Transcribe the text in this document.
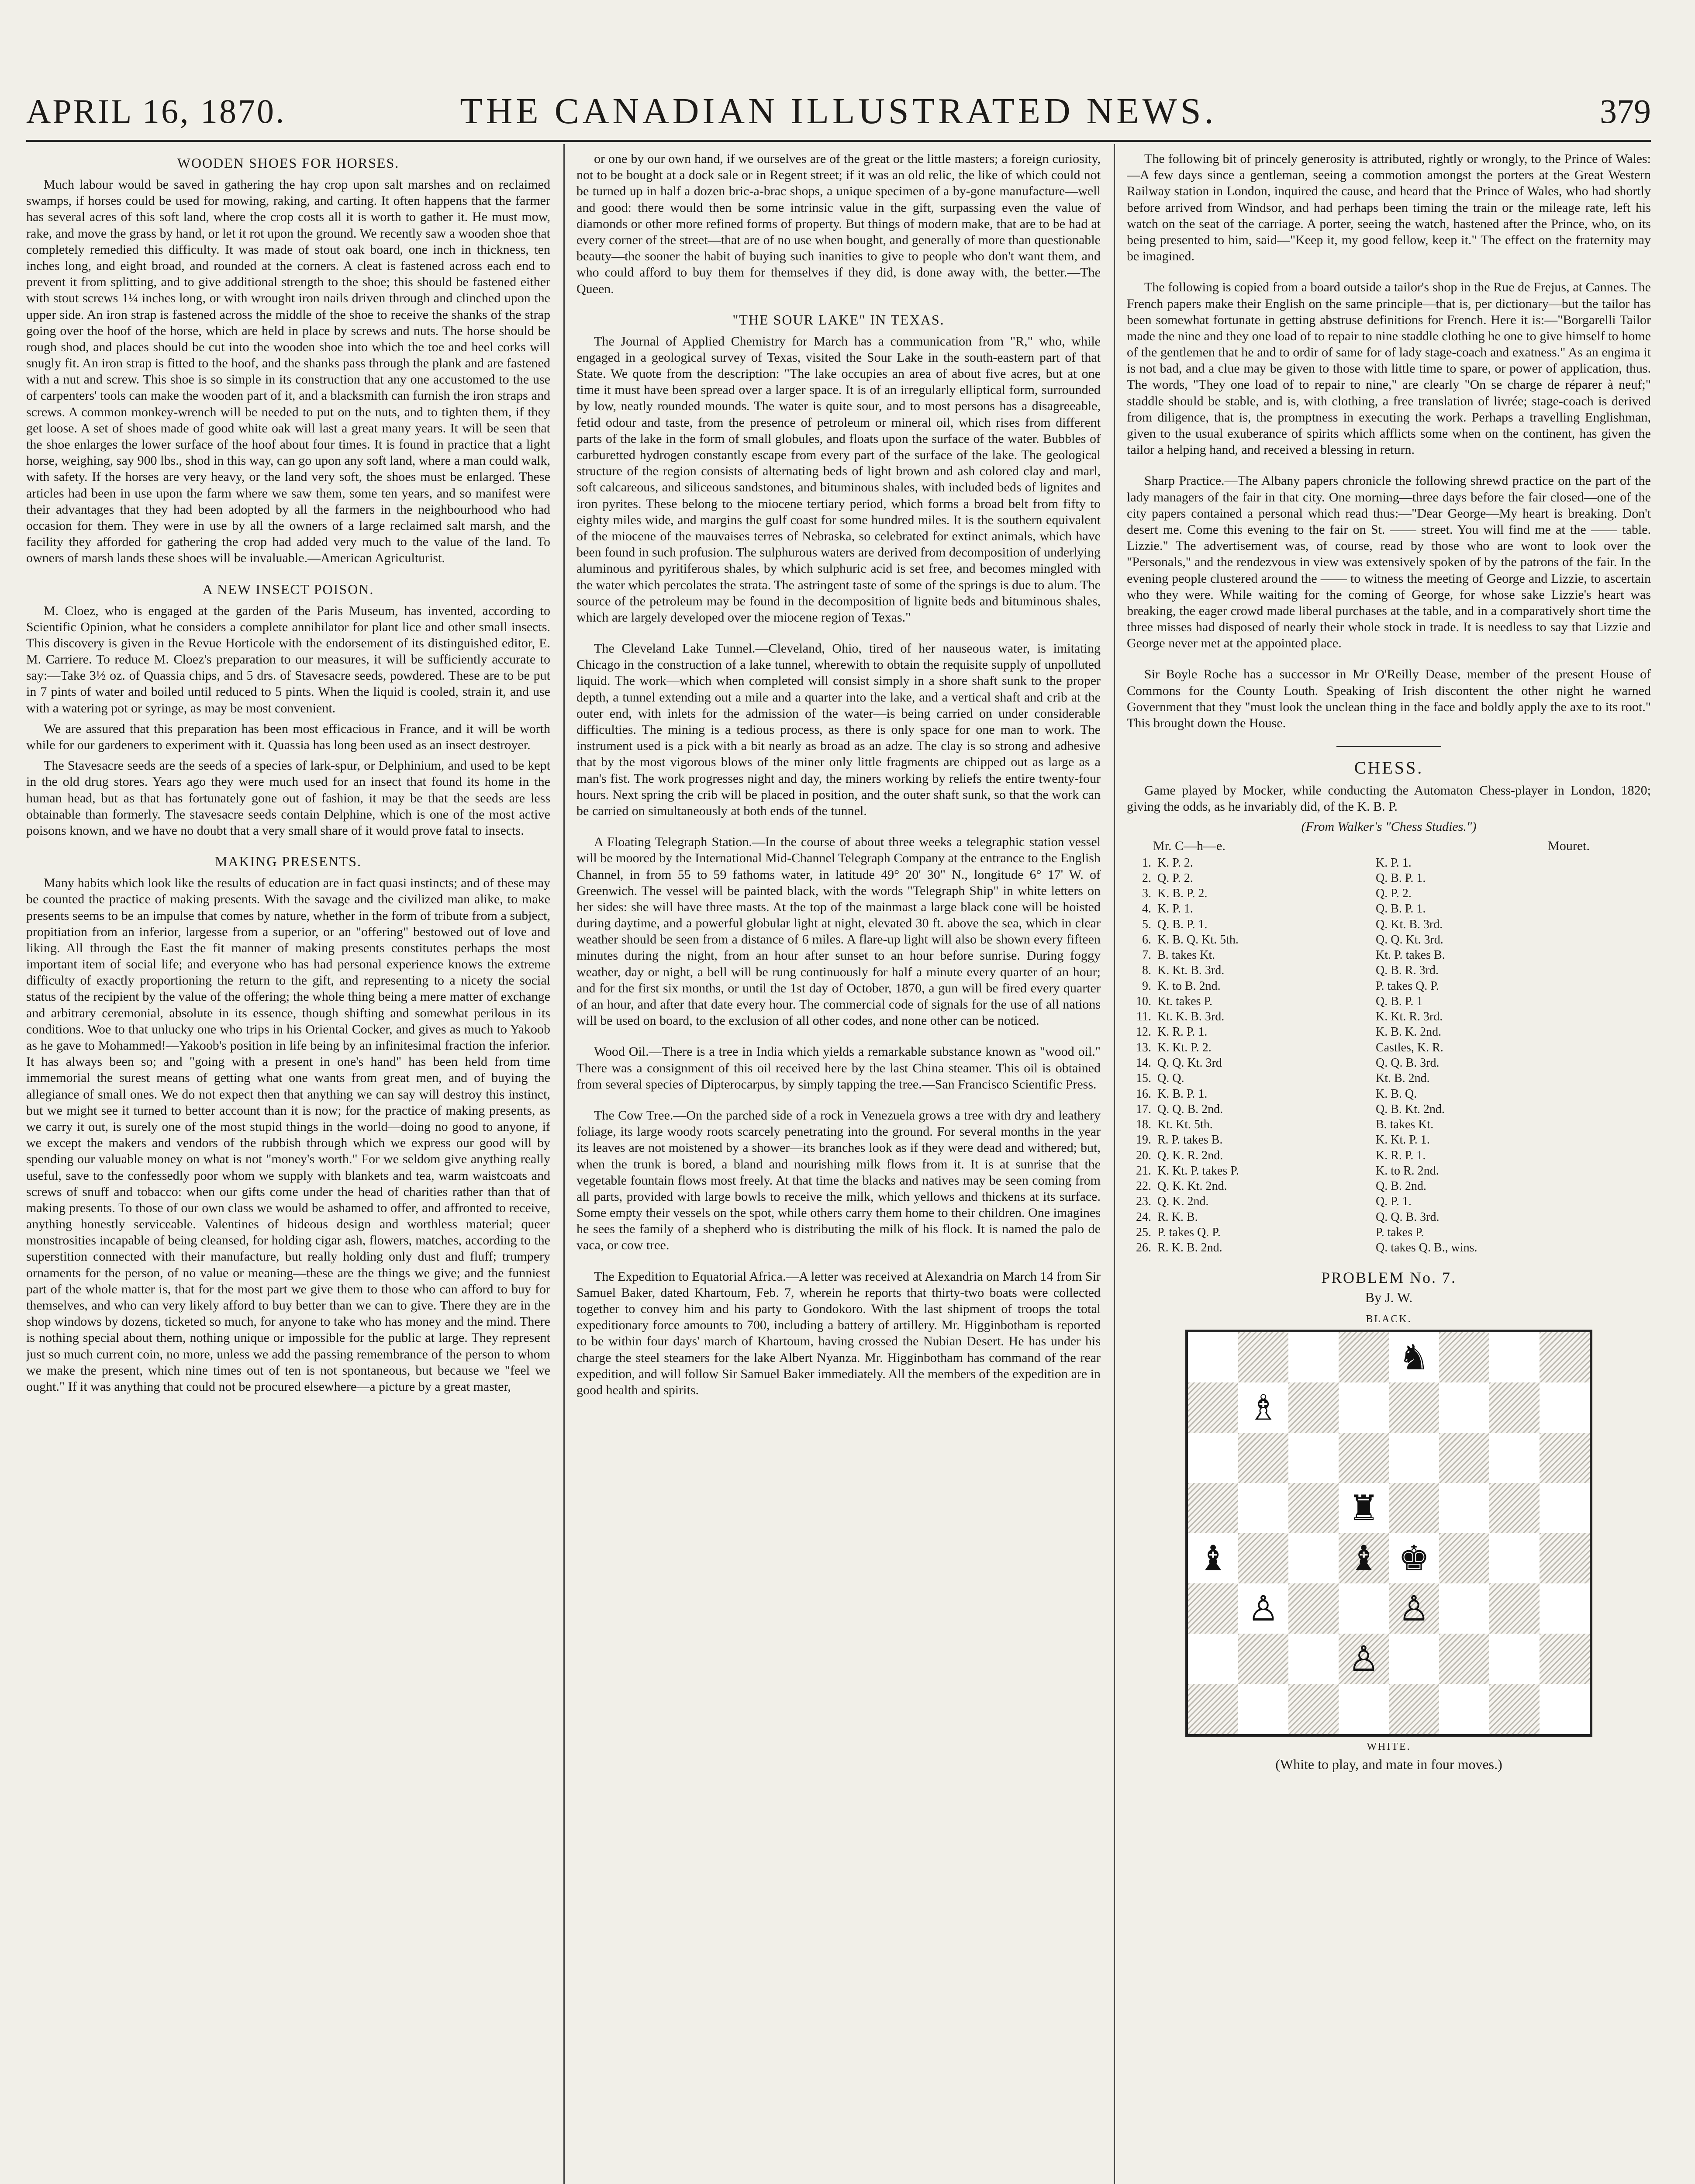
APRIL 16, 1870.	THE CANADIAN ILLUSTRATED NEWS.	379
WOODEN SHOES FOR HORSES.
Much labour would be saved in gathering the hay crop upon salt marshes and on reclaimed swamps, if horses could be used for mowing, raking, and carting. It often happens that the farmer has several acres of this soft land, where the crop costs all it is worth to gather it. He must mow, rake, and move the grass by hand, or let it rot upon the ground. We recently saw a wooden shoe that completely remedied this difficulty. It was made of stout oak board, one inch in thickness, ten inches long, and eight broad, and rounded at the corners. A cleat is fastened across each end to prevent it from splitting, and to give additional strength to the shoe; this should be fastened either with stout screws 1¼ inches long, or with wrought iron nails driven through and clinched upon the upper side. An iron strap is fastened across the middle of the shoe to receive the shanks of the strap going over the hoof of the horse, which are held in place by screws and nuts. The horse should be rough shod, and places should be cut into the wooden shoe into which the toe and heel corks will snugly fit. An iron strap is fitted to the hoof, and the shanks pass through the plank and are fastened with a nut and screw. This shoe is so simple in its construction that any one accustomed to the use of carpenters' tools can make the wooden part of it, and a blacksmith can furnish the iron straps and screws. A common monkey-wrench will be needed to put on the nuts, and to tighten them, if they get loose. A set of shoes made of good white oak will last a great many years. It will be seen that the shoe enlarges the lower surface of the hoof about four times. It is found in practice that a light horse, weighing, say 900 lbs., shod in this way, can go upon any soft land, where a man could walk, with safety. If the horses are very heavy, or the land very soft, the shoes must be enlarged. These articles had been in use upon the farm where we saw them, some ten years, and so manifest were their advantages that they had been adopted by all the farmers in the neighbourhood who had occasion for them. They were in use by all the owners of a large reclaimed salt marsh, and the facility they afforded for gathering the crop had added very much to the value of the land. To owners of marsh lands these shoes will be invaluable.—American Agriculturist.
A NEW INSECT POISON.
M. Cloez, who is engaged at the garden of the Paris Museum, has invented, according to Scientific Opinion, what he considers a complete annihilator for plant lice and other small insects. This discovery is given in the Revue Horticole with the endorsement of its distinguished editor, E. M. Carriere. To reduce M. Cloez's preparation to our measures, it will be sufficiently accurate to say:—Take 3½ oz. of Quassia chips, and 5 drs. of Stavesacre seeds, powdered. These are to be put in 7 pints of water and boiled until reduced to 5 pints. When the liquid is cooled, strain it, and use with a watering pot or syringe, as may be most convenient.
We are assured that this preparation has been most efficacious in France, and it will be worth while for our gardeners to experiment with it. Quassia has long been used as an insect destroyer.
The Stavesacre seeds are the seeds of a species of lark-spur, or Delphinium, and used to be kept in the old drug stores. Years ago they were much used for an insect that found its home in the human head, but as that has fortunately gone out of fashion, it may be that the seeds are less obtainable than formerly. The stavesacre seeds contain Delphine, which is one of the most active poisons known, and we have no doubt that a very small share of it would prove fatal to insects.
MAKING PRESENTS.
Many habits which look like the results of education are in fact quasi instincts; and of these may be counted the practice of making presents. With the savage and the civilized man alike, to make presents seems to be an impulse that comes by nature, whether in the form of tribute from a subject, propitiation from an inferior, largesse from a superior, or an "offering" bestowed out of love and liking. All through the East the fit manner of making presents constitutes perhaps the most important item of social life; and everyone who has had personal experience knows the extreme difficulty of exactly proportioning the return to the gift, and representing to a nicety the social status of the recipient by the value of the offering; the whole thing being a mere matter of exchange and arbitrary ceremonial, absolute in its essence, though shifting and somewhat perilous in its conditions. Woe to that unlucky one who trips in his Oriental Cocker, and gives as much to Yakoob as he gave to Mohammed!—Yakoob's position in life being by an infinitesimal fraction the inferior. It has always been so; and "going with a present in one's hand" has been held from time immemorial the surest means of getting what one wants from great men, and of buying the allegiance of small ones. We do not expect then that anything we can say will destroy this instinct, but we might see it turned to better account than it is now; for the practice of making presents, as we carry it out, is surely one of the most stupid things in the world—doing no good to anyone, if we except the makers and vendors of the rubbish through which we express our good will by spending our valuable money on what is not "money's worth." For we seldom give anything really useful, save to the confessedly poor whom we supply with blankets and tea, warm waistcoats and screws of snuff and tobacco: when our gifts come under the head of charities rather than that of making presents. To those of our own class we would be ashamed to offer, and affronted to receive, anything honestly serviceable. Valentines of hideous design and worthless material; queer monstrosities incapable of being cleansed, for holding cigar ash, flowers, matches, according to the superstition connected with their manufacture, but really holding only dust and fluff; trumpery ornaments for the person, of no value or meaning—these are the things we give; and the funniest part of the whole matter is, that for the most part we give them to those who can afford to buy for themselves, and who can very likely afford to buy better than we can to give. There they are in the shop windows by dozens, ticketed so much, for anyone to take who has money and the mind. There is nothing special about them, nothing unique or impossible for the public at large. They represent just so much current coin, no more, unless we add the passing remembrance of the person to whom we make the present, which nine times out of ten is not spontaneous, but because we "feel we ought." If it was anything that could not be procured elsewhere—a picture by a great master,
or one by our own hand, if we ourselves are of the great or the little masters; a foreign curiosity, not to be bought at a dock sale or in Regent street; if it was an old relic, the like of which could not be turned up in half a dozen bric-a-brac shops, a unique specimen of a by-gone manufacture—well and good: there would then be some intrinsic value in the gift, surpassing even the value of diamonds or other more refined forms of property. But things of modern make, that are to be had at every corner of the street—that are of no use when bought, and generally of more than questionable beauty—the sooner the habit of buying such inanities to give to people who don't want them, and who could afford to buy them for themselves if they did, is done away with, the better.—The Queen.
"THE SOUR LAKE" IN TEXAS.
The Journal of Applied Chemistry for March has a communication from "R," who, while engaged in a geological survey of Texas, visited the Sour Lake in the south-eastern part of that State. We quote from the description: "The lake occupies an area of about five acres, but at one time it must have been spread over a larger space. It is of an irregularly elliptical form, surrounded by low, neatly rounded mounds. The water is quite sour, and to most persons has a disagreeable, fetid odour and taste, from the presence of petroleum or mineral oil, which rises from different parts of the lake in the form of small globules, and floats upon the surface of the water. Bubbles of carburetted hydrogen constantly escape from every part of the surface of the lake. The geological structure of the region consists of alternating beds of light brown and ash colored clay and marl, soft calcareous, and siliceous sandstones, and bituminous shales, with included beds of lignites and iron pyrites. These belong to the miocene tertiary period, which forms a broad belt from fifty to eighty miles wide, and margins the gulf coast for some hundred miles. It is the southern equivalent of the miocene of the mauvaises terres of Nebraska, so celebrated for extinct animals, which have been found in such profusion. The sulphurous waters are derived from decomposition of underlying aluminous and pyritiferous shales, by which sulphuric acid is set free, and becomes mingled with the water which percolates the strata. The astringent taste of some of the springs is due to alum. The source of the petroleum may be found in the decomposition of lignite beds and bituminous shales, which are largely developed over the miocene region of Texas."
The Cleveland Lake Tunnel.—Cleveland, Ohio, tired of her nauseous water, is imitating Chicago in the construction of a lake tunnel, wherewith to obtain the requisite supply of unpolluted liquid. The work—which when completed will consist simply in a shore shaft sunk to the proper depth, a tunnel extending out a mile and a quarter into the lake, and a vertical shaft and crib at the outer end, with inlets for the admission of the water—is being carried on under considerable difficulties. The mining is a tedious process, as there is only space for one man to work. The instrument used is a pick with a bit nearly as broad as an adze. The clay is so strong and adhesive that by the most vigorous blows of the miner only little fragments are chipped out as large as a man's fist. The work progresses night and day, the miners working by reliefs the entire twenty-four hours. Next spring the crib will be placed in position, and the outer shaft sunk, so that the work can be carried on simultaneously at both ends of the tunnel.
A Floating Telegraph Station.—In the course of about three weeks a telegraphic station vessel will be moored by the International Mid-Channel Telegraph Company at the entrance to the English Channel, in from 55 to 59 fathoms water, in latitude 49° 20' 30" N., longitude 6° 17' W. of Greenwich. The vessel will be painted black, with the words "Telegraph Ship" in white letters on her sides: she will have three masts. At the top of the mainmast a large black cone will be hoisted during daytime, and a powerful globular light at night, elevated 30 ft. above the sea, which in clear weather should be seen from a distance of 6 miles. A flare-up light will also be shown every fifteen minutes during the night, from an hour after sunset to an hour before sunrise. During foggy weather, day or night, a bell will be rung continuously for half a minute every quarter of an hour; and for the first six months, or until the 1st day of October, 1870, a gun will be fired every quarter of an hour, and after that date every hour. The commercial code of signals for the use of all nations will be used on board, to the exclusion of all other codes, and none other can be noticed.
Wood Oil.—There is a tree in India which yields a remarkable substance known as "wood oil." There was a consignment of this oil received here by the last China steamer. This oil is obtained from several species of Dipterocarpus, by simply tapping the tree.—San Francisco Scientific Press.
The Cow Tree.—On the parched side of a rock in Venezuela grows a tree with dry and leathery foliage, its large woody roots scarcely penetrating into the ground. For several months in the year its leaves are not moistened by a shower—its branches look as if they were dead and withered; but, when the trunk is bored, a bland and nourishing milk flows from it. It is at sunrise that the vegetable fountain flows most freely. At that time the blacks and natives may be seen coming from all parts, provided with large bowls to receive the milk, which yellows and thickens at its surface. Some empty their vessels on the spot, while others carry them home to their children. One imagines he sees the family of a shepherd who is distributing the milk of his flock. It is named the palo de vaca, or cow tree.
The Expedition to Equatorial Africa.—A letter was received at Alexandria on March 14 from Sir Samuel Baker, dated Khartoum, Feb. 7, wherein he reports that thirty-two boats were collected together to convey him and his party to Gondokoro. With the last shipment of troops the total expeditionary force amounts to 700, including a battery of artillery. Mr. Higginbotham is reported to be within four days' march of Khartoum, having crossed the Nubian Desert. He has under his charge the steel steamers for the lake Albert Nyanza. Mr. Higginbotham has command of the rear expedition, and will follow Sir Samuel Baker immediately. All the members of the expedition are in good health and spirits.
The following bit of princely generosity is attributed, rightly or wrongly, to the Prince of Wales:—A few days since a gentleman, seeing a commotion amongst the porters at the Great Western Railway station in London, inquired the cause, and heard that the Prince of Wales, who had shortly before arrived from Windsor, and had perhaps been timing the train or the mileage rate, left his watch on the seat of the carriage. A porter, seeing the watch, hastened after the Prince, who, on its being presented to him, said—"Keep it, my good fellow, keep it." The effect on the fraternity may be imagined.
The following is copied from a board outside a tailor's shop in the Rue de Frejus, at Cannes. The French papers make their English on the same principle—that is, per dictionary—but the tailor has been somewhat fortunate in getting abstruse definitions for French. Here it is:—"Borgarelli Tailor made the nine and they one load of to repair to nine staddle clothing he one to give himself to home of the gentlemen that he and to ordir of same for of lady stage-coach and exatness." As an engima it is not bad, and a clue may be given to those with little time to spare, or power of application, thus. The words, "They one load of to repair to nine," are clearly "On se charge de réparer à neuf;" staddle should be stable, and is, with clothing, a free translation of livrée; stage-coach is derived from diligence, that is, the promptness in executing the work. Perhaps a travelling Englishman, given to the usual exuberance of spirits which afflicts some when on the continent, has given the tailor a helping hand, and received a blessing in return.
Sharp Practice.—The Albany papers chronicle the following shrewd practice on the part of the lady managers of the fair in that city. One morning—three days before the fair closed—one of the city papers contained a personal which read thus:—"Dear George—My heart is breaking. Don't desert me. Come this evening to the fair on St. —— street. You will find me at the —— table. Lizzie." The advertisement was, of course, read by those who are wont to look over the "Personals," and the rendezvous in view was extensively spoken of by the patrons of the fair. In the evening people clustered around the —— to witness the meeting of George and Lizzie, to ascertain who they were. While waiting for the coming of George, for whose sake Lizzie's heart was breaking, the eager crowd made liberal purchases at the table, and in a comparatively short time the three misses had disposed of nearly their whole stock in trade. It is needless to say that Lizzie and George never met at the appointed place.
Sir Boyle Roche has a successor in Mr O'Reilly Dease, member of the present House of Commons for the County Louth. Speaking of Irish discontent the other night he warned Government that they "must look the unclean thing in the face and boldly apply the axe to its root." This brought down the House.
CHESS.
Game played by Mocker, while conducting the Automaton Chess-player in London, 1820; giving the odds, as he invariably did, of the K. B. P.
(From Walker's "Chess Studies.")
Mr. C—h—e.	Mouret.
1. K. P. 2.	K. P. 1.
2. Q. P. 2.	Q. B. P. 1.
3. K. B. P. 2.	Q. P. 2.
4. K. P. 1.	Q. B. P. 1.
5. Q. B. P. 1.	Q. Kt. B. 3rd.
6. K. B. Q. Kt. 5th.	Q. Q. Kt. 3rd.
7. B. takes Kt.	Kt. P. takes B.
8. K. Kt. B. 3rd.	Q. B. R. 3rd.
9. K. to B. 2nd.	P. takes Q. P.
10. Kt. takes P.	Q. B. P. 1
11. Kt. K. B. 3rd.	K. Kt. R. 3rd.
12. K. R. P. 1.	K. B. K. 2nd.
13. K. Kt. P. 2.	Castles, K. R.
14. Q. Q. Kt. 3rd	Q. Q. B. 3rd.
15. Q. Q.	Kt. B. 2nd.
16. K. B. P. 1.	K. B. Q.
17. Q. Q. B. 2nd.	Q. B. Kt. 2nd.
18. Kt. Kt. 5th.	B. takes Kt.
19. R. P. takes B.	K. Kt. P. 1.
20. Q. K. R. 2nd.	K. R. P. 1.
21. K. Kt. P. takes P.	K. to R. 2nd.
22. Q. K. Kt. 2nd.	Q. B. 2nd.
23. Q. K. 2nd.	Q. P. 1.
24. R. K. B.	Q. Q. B. 3rd.
25. P. takes Q. P.	P. takes P.
26. R. K. B. 2nd.	Q. takes Q. B., wins.
PROBLEM No. 7.
By J. W.
BLACK.
♞
♗
♜
♝	♝ ♚
♙	♙
♙
WHITE.
(White to play, and mate in four moves.)
